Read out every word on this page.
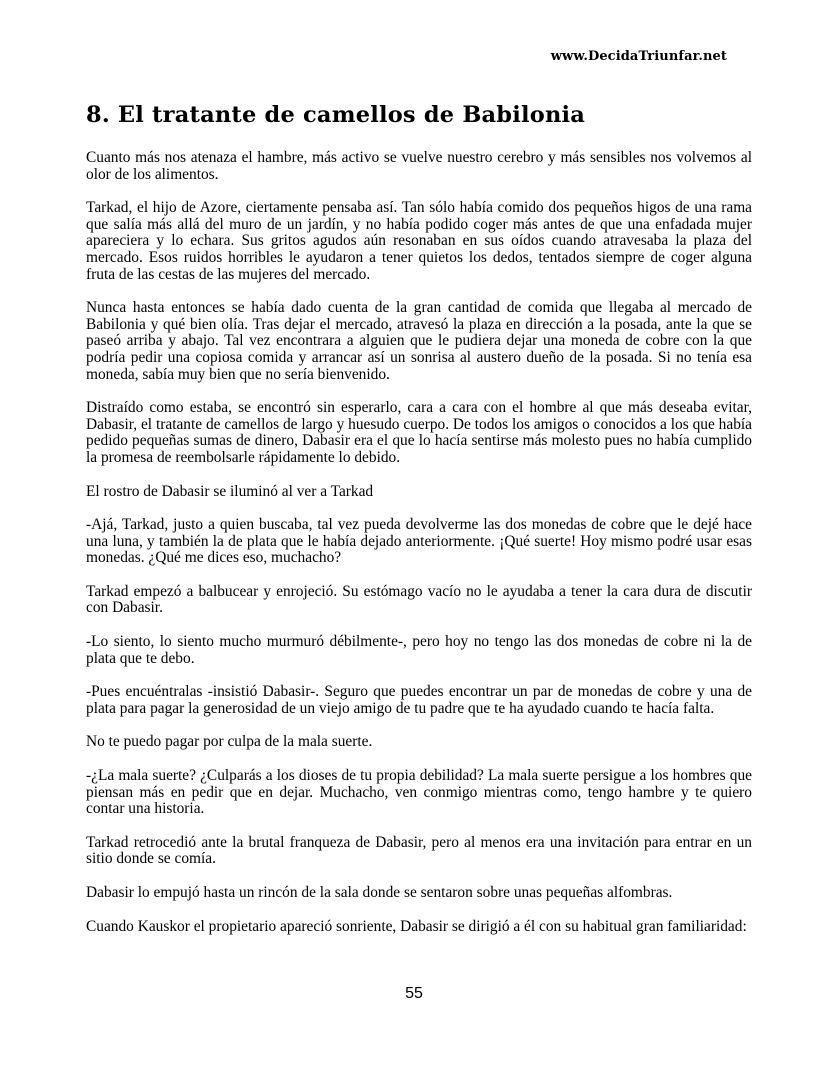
www.DecidaTriunfar.net
8. El tratante de camellos de Babilonia

Cuanto más nos atenaza el hambre, más activo se vuelve nuestro cerebro y más sensibles nos volvemos al olor de los alimentos.

Tarkad, el hijo de Azore, ciertamente pensaba así. Tan sólo había comido dos pequeños higos de una rama que salía más allá del muro de un jardín, y no había podido coger más antes de que una enfadada mujer apareciera y lo echara. Sus gritos agudos aún resonaban en sus oídos cuando atravesaba la plaza del mercado. Esos ruidos horribles le ayudaron a tener quietos los dedos, tentados siempre de coger alguna fruta de las cestas de las mujeres del mercado.

Nunca hasta entonces se había dado cuenta de la gran cantidad de comida que llegaba al mercado de Babilonia y qué bien olía. Tras dejar el mercado, atravesó la plaza en dirección a la posada, ante la que se paseó arriba y abajo. Tal vez encontrara a alguien que le pudiera dejar una moneda de cobre con la que podría pedir una copiosa comida y arrancar así un sonrisa al austero dueño de la posada. Si no tenía esa moneda, sabía muy bien que no sería bienvenido.

Distraído como estaba, se encontró sin esperarlo, cara a cara con el hombre al que más deseaba evitar, Dabasir, el tratante de camellos de largo y huesudo cuerpo. De todos los amigos o conocidos a los que había pedido pequeñas sumas de dinero, Dabasir era el que lo hacía sentirse más molesto pues no había cumplido la promesa de reembolsarle rápidamente lo debido.

El rostro de Dabasir se iluminó al ver a Tarkad

-Ajá, Tarkad, justo a quien buscaba, tal vez pueda devolverme las dos monedas de cobre que le dejé hace una luna, y también la de plata que le había dejado anteriormente. ¡Qué suerte! Hoy mismo podré usar esas monedas. ¿Qué me dices eso, muchacho?

Tarkad empezó a balbucear y enrojeció. Su estómago vacío no le ayudaba a tener la cara dura de discutir con Dabasir.

-Lo siento, lo siento mucho murmuró débilmente-, pero hoy no tengo las dos monedas de cobre ni la de plata que te debo.

-Pues encuéntralas -insistió Dabasir-. Seguro que puedes encontrar un par de monedas de cobre y una de plata para pagar la generosidad de un viejo amigo de tu padre que te ha ayudado cuando te hacía falta.

No te puedo pagar por culpa de la mala suerte.

-¿La mala suerte? ¿Culparás a los dioses de tu propia debilidad? La mala suerte persigue a los hombres que piensan más en pedir que en dejar. Muchacho, ven conmigo mientras como, tengo hambre y te quiero contar una historia.

Tarkad retrocedió ante la brutal franqueza de Dabasir, pero al menos era una invitación para entrar en un sitio donde se comía.

Dabasir lo empujó hasta un rincón de la sala donde se sentaron sobre unas pequeñas alfombras.

Cuando Kauskor el propietario apareció sonriente, Dabasir se dirigió a él con su habitual gran familiaridad:

55
